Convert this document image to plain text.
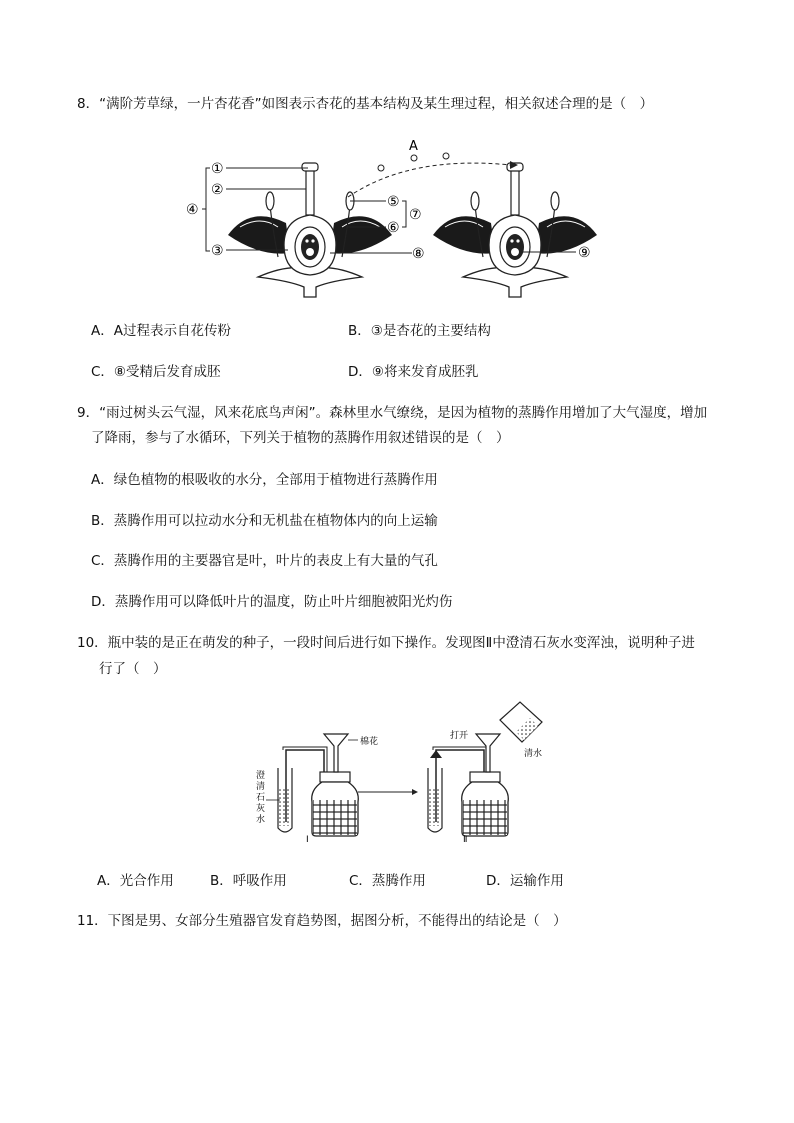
8．“满阶芳草绿，一片杏花香”如图表示杏花的基本结构及某生理过程，相关叙述合理的是（　）
①
②
③
④	⑤
⑥
⑦
⑧	⑨
A
A．A过程表示自花传粉	B．③是杏花的主要结构
C．⑧受精后发育成胚	D．⑨将来发育成胚乳
9．“雨过树头云气湿，风来花底鸟声闲”。森林里水气缭绕，是因为植物的蒸腾作用增加了大气湿度，增加
了降雨，参与了水循环，下列关于植物的蒸腾作用叙述错误的是（　）
A．绿色植物的根吸收的水分，全部用于植物进行蒸腾作用
B．蒸腾作用可以拉动水分和无机盐在植物体内的向上运输
C．蒸腾作用的主要器官是叶，叶片的表皮上有大量的气孔
D．蒸腾作用可以降低叶片的温度，防止叶片细胞被阳光灼伤
10．瓶中装的是正在萌发的种子，一段时间后进行如下操作。发现图Ⅱ中澄清石灰水变浑浊，说明种子进
行了（　）
棉花
Ⅰ
澄
清
石
灰
水
打开
清水
Ⅱ
A．光合作用	B．呼吸作用	C．蒸腾作用	D．运输作用
11．下图是男、女部分生殖器官发育趋势图，据图分析，不能得出的结论是（　）
